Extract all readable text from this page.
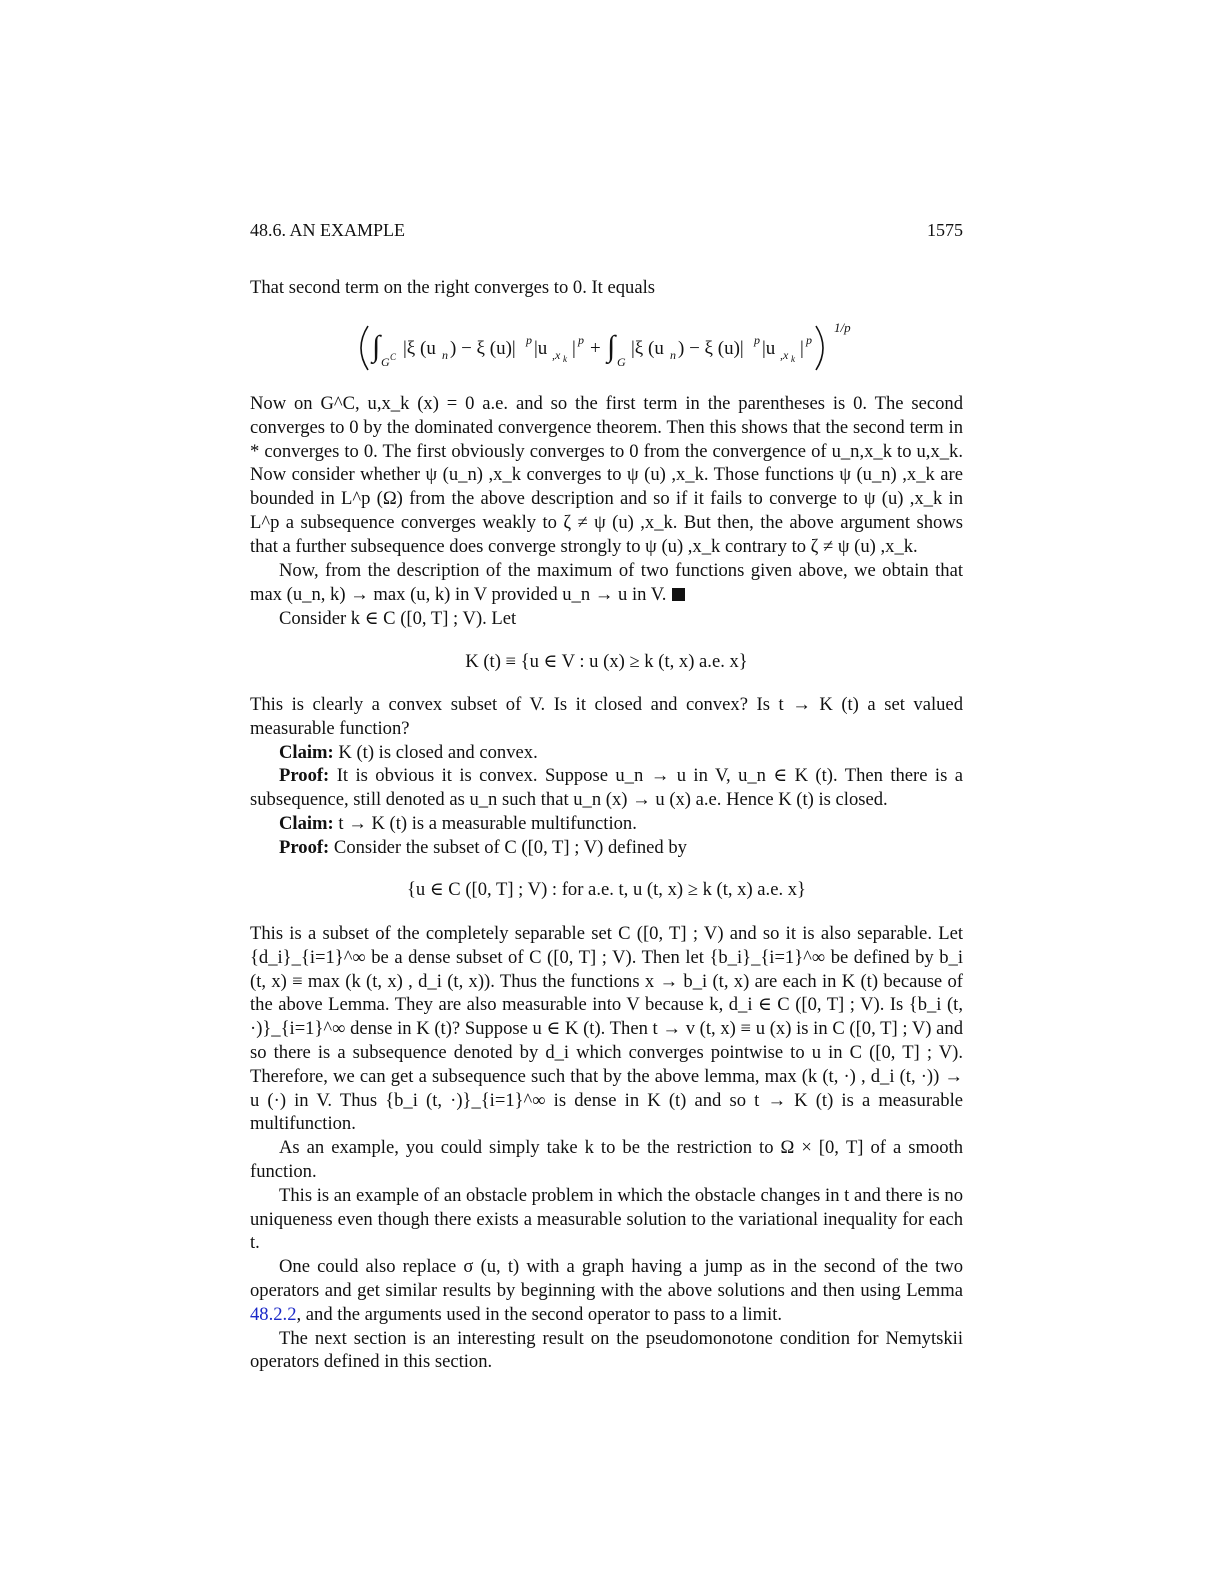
48.6. AN EXAMPLE	1575

That second term on the right converges to 0. It equals

∫ G C |ξ (u n ) − ξ (u)| p |u ,x k | p + ∫ G
|ξ (u n ) − ξ (u)| p |u ,x k | p
1/p

Now on G^C, u,x_k (x) = 0 a.e. and so the first term in the parentheses is 0. The second converges to 0 by the dominated convergence theorem. Then this shows that the second term in * converges to 0. The first obviously converges to 0 from the convergence of u_n,x_k to u,x_k. Now consider whether ψ (u_n) ,x_k converges to ψ (u) ,x_k. Those functions ψ (u_n) ,x_k are bounded in L^p (Ω) from the above description and so if it fails to converge to ψ (u) ,x_k in L^p a subsequence converges weakly to ζ ≠ ψ (u) ,x_k. But then, the above argument shows that a further subsequence does converge strongly to ψ (u) ,x_k contrary to ζ ≠ ψ (u) ,x_k.

Now, from the description of the maximum of two functions given above, we obtain that max (u_n, k) → max (u, k) in V provided u_n → u in V.

Consider k ∈ C ([0, T] ; V). Let

K (t) ≡ {u ∈ V : u (x) ≥ k (t, x) a.e. x}

This is clearly a convex subset of V. Is it closed and convex? Is t → K (t) a set valued measurable function?

Claim: K (t) is closed and convex.

Proof: It is obvious it is convex. Suppose u_n → u in V, u_n ∈ K (t). Then there is a subsequence, still denoted as u_n such that u_n (x) → u (x) a.e. Hence K (t) is closed.

Claim: t → K (t) is a measurable multifunction.

Proof: Consider the subset of C ([0, T] ; V) defined by

{u ∈ C ([0, T] ; V) : for a.e. t, u (t, x) ≥ k (t, x) a.e. x}

This is a subset of the completely separable set C ([0, T] ; V) and so it is also separable. Let {d_i}_{i=1}^∞ be a dense subset of C ([0, T] ; V). Then let {b_i}_{i=1}^∞ be defined by b_i (t, x) ≡ max (k (t, x) , d_i (t, x)). Thus the functions x → b_i (t, x) are each in K (t) because of the above Lemma. They are also measurable into V because k, d_i ∈ C ([0, T] ; V). Is {b_i (t, ·)}_{i=1}^∞ dense in K (t)? Suppose u ∈ K (t). Then t → v (t, x) ≡ u (x) is in C ([0, T] ; V) and so there is a subsequence denoted by d_i which converges pointwise to u in C ([0, T] ; V). Therefore, we can get a subsequence such that by the above lemma, max (k (t, ·) , d_i (t, ·)) → u (·) in V. Thus {b_i (t, ·)}_{i=1}^∞ is dense in K (t) and so t → K (t) is a measurable multifunction.

As an example, you could simply take k to be the restriction to Ω × [0, T] of a smooth function.

This is an example of an obstacle problem in which the obstacle changes in t and there is no uniqueness even though there exists a measurable solution to the variational inequality for each t.

One could also replace σ (u, t) with a graph having a jump as in the second of the two operators and get similar results by beginning with the above solutions and then using Lemma 48.2.2, and the arguments used in the second operator to pass to a limit.

The next section is an interesting result on the pseudomonotone condition for Nemytskii operators defined in this section.
